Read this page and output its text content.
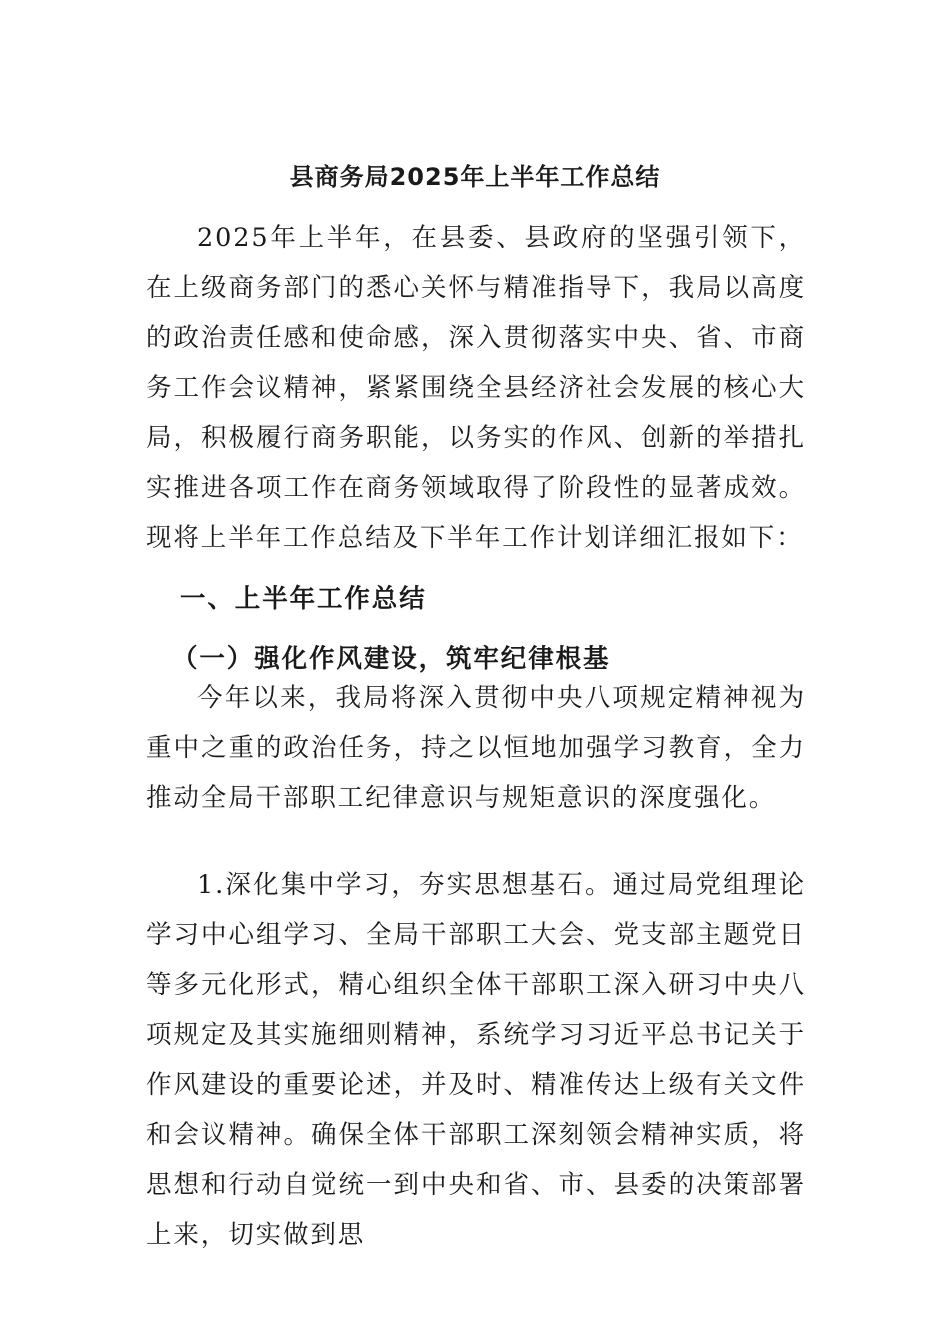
县商务局2025年上半年工作总结

2025年上半年，在县委、县政府的坚强引领下，在上级商务部门的悉心关怀与精准指导下，我局以高度的政治责任感和使命感，深入贯彻落实中央、省、市商务工作会议精神，紧紧围绕全县经济社会发展的核心大局，积极履行商务职能，以务实的作风、创新的举措扎实推进各项工作在商务领域取得了阶段性的显著成效。现将上半年工作总结及下半年工作计划详细汇报如下：

一、上半年工作总结
（一）强化作风建设，筑牢纪律根基

今年以来，我局将深入贯彻中央八项规定精神视为重中之重的政治任务，持之以恒地加强学习教育，全力推动全局干部职工纪律意识与规矩意识的深度强化。

1.深化集中学习，夯实思想基石。通过局党组理论学习中心组学习、全局干部职工大会、党支部主题党日等多元化形式，精心组织全体干部职工深入研习中央八项规定及其实施细则精神，系统学习习近平总书记关于作风建设的重要论述，并及时、精准传达上级有关文件和会议精神。确保全体干部职工深刻领会精神实质，将思想和行动自觉统一到中央和省、市、县委的决策部署上来，切实做到思
